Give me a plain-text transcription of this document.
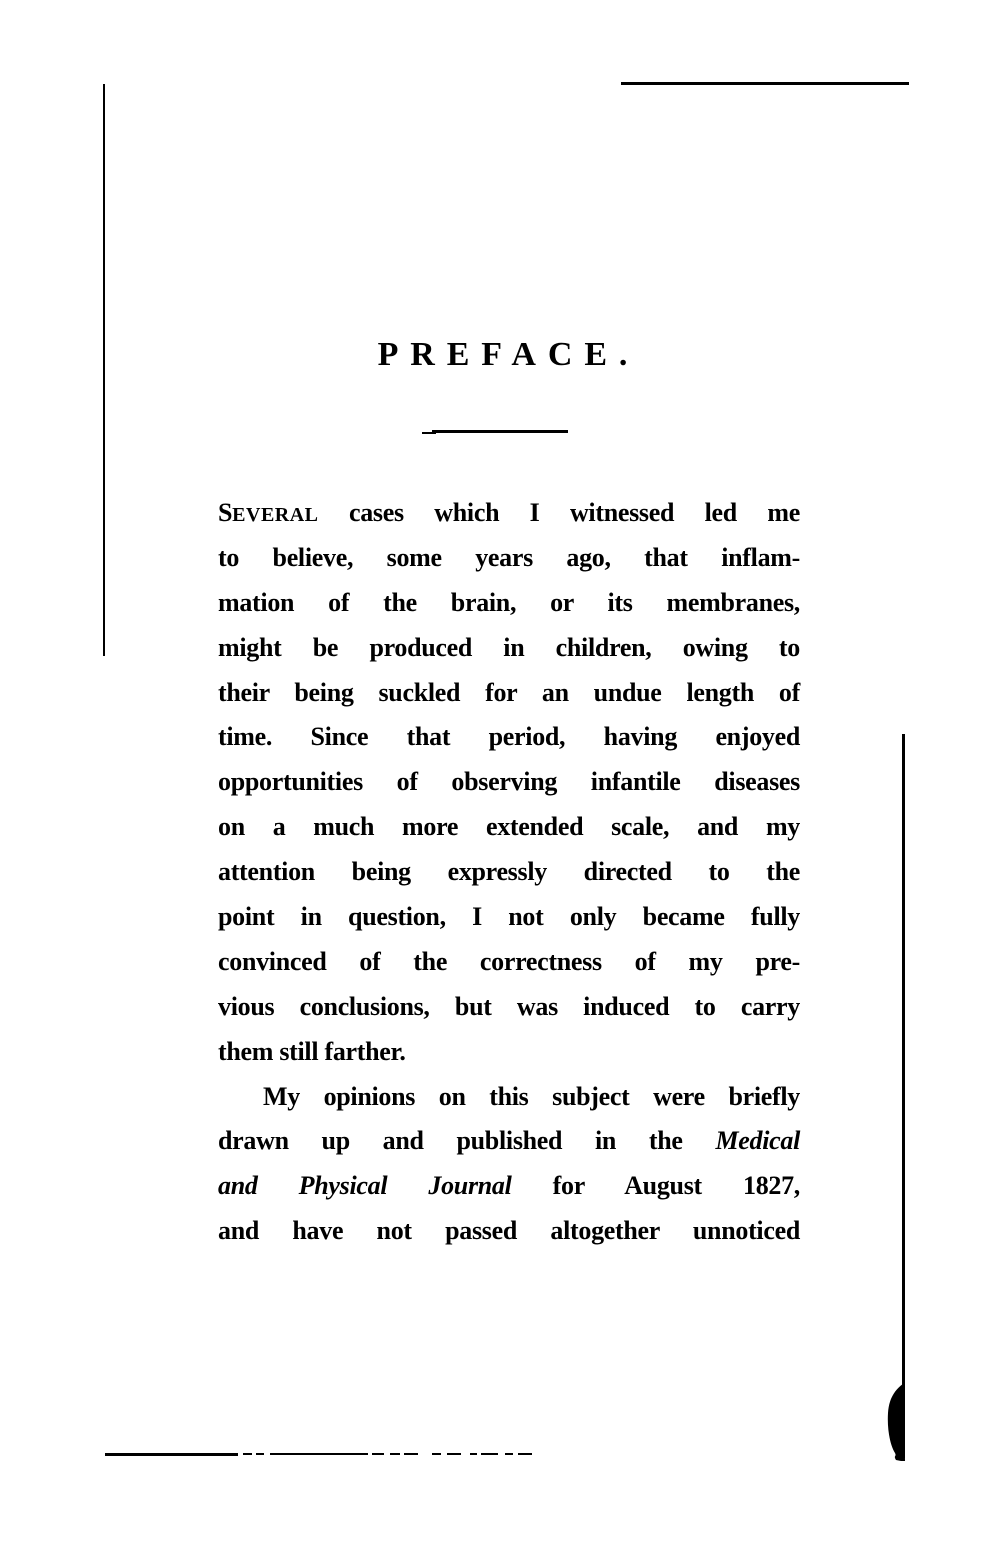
PREFACE.
SEVERAL cases which I witnessed led me
to believe, some years ago, that inflam-
mation of the brain, or its membranes,
might be produced in children, owing to
their being suckled for an undue length of
time. Since that period, having enjoyed
opportunities of observing infantile diseases
on a much more extended scale, and my
attention being expressly directed to the
point in question, I not only became fully
convinced of the correctness of my pre-
vious conclusions, but was induced to carry
them still farther.
My opinions on this subject were briefly
drawn up and published in the Medical
and Physical Journal for August 1827,
and have not passed altogether unnoticed
